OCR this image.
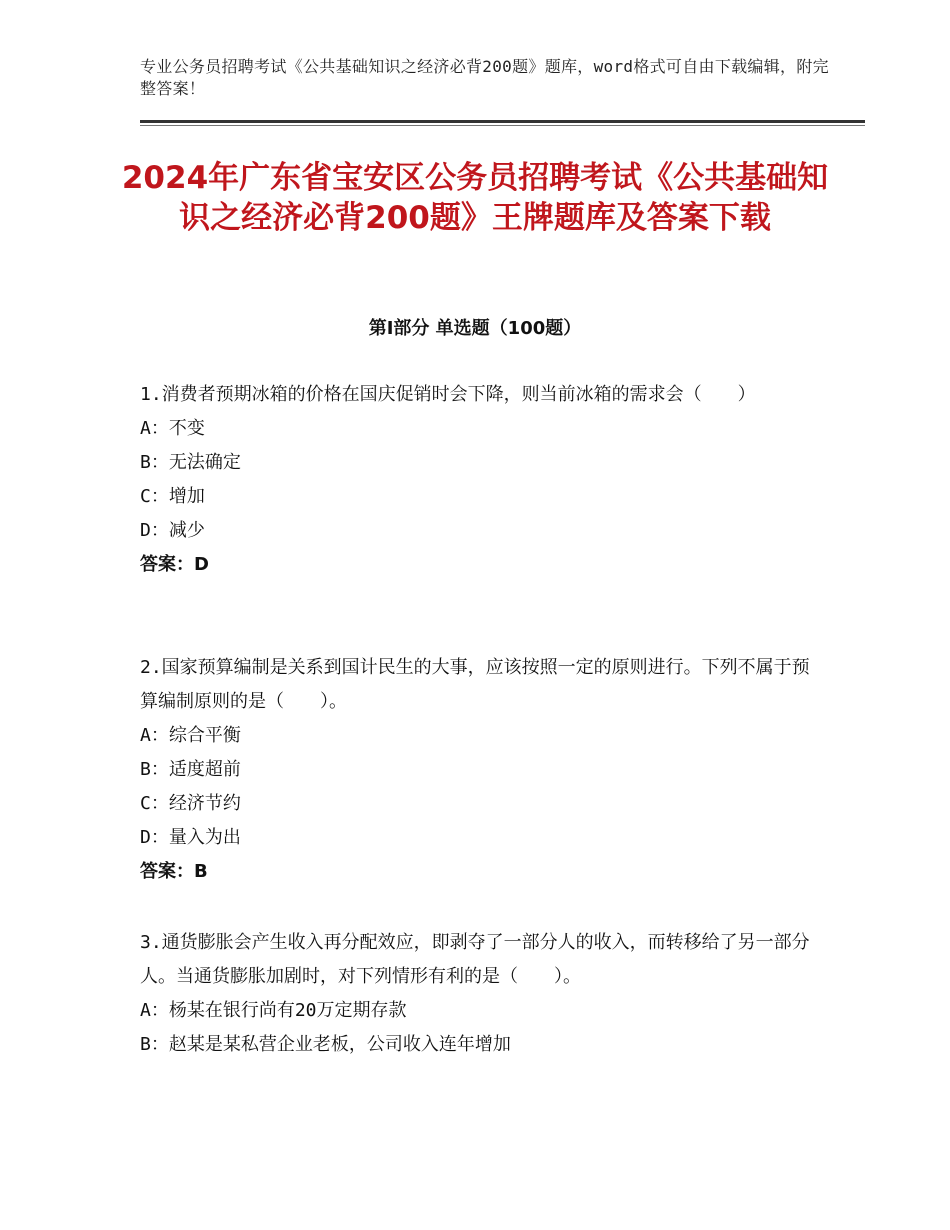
专业公务员招聘考试《公共基础知识之经济必背200题》题库，word格式可自由下载编辑，附完整答案！
2024年广东省宝安区公务员招聘考试《公共基础知识之经济必背200题》王牌题库及答案下载
第Ⅰ部分 单选题（100题）
1.消费者预期冰箱的价格在国庆促销时会下降，则当前冰箱的需求会（　　）
A：不变
B：无法确定
C：增加
D：减少
答案：D
2.国家预算编制是关系到国计民生的大事，应该按照一定的原则进行。下列不属于预算编制原则的是（　　）。
A：综合平衡
B：适度超前
C：经济节约
D：量入为出
答案：B
3.通货膨胀会产生收入再分配效应，即剥夺了一部分人的收入，而转移给了另一部分人。当通货膨胀加剧时，对下列情形有利的是（　　）。
A：杨某在银行尚有20万定期存款
B：赵某是某私营企业老板，公司收入连年增加
